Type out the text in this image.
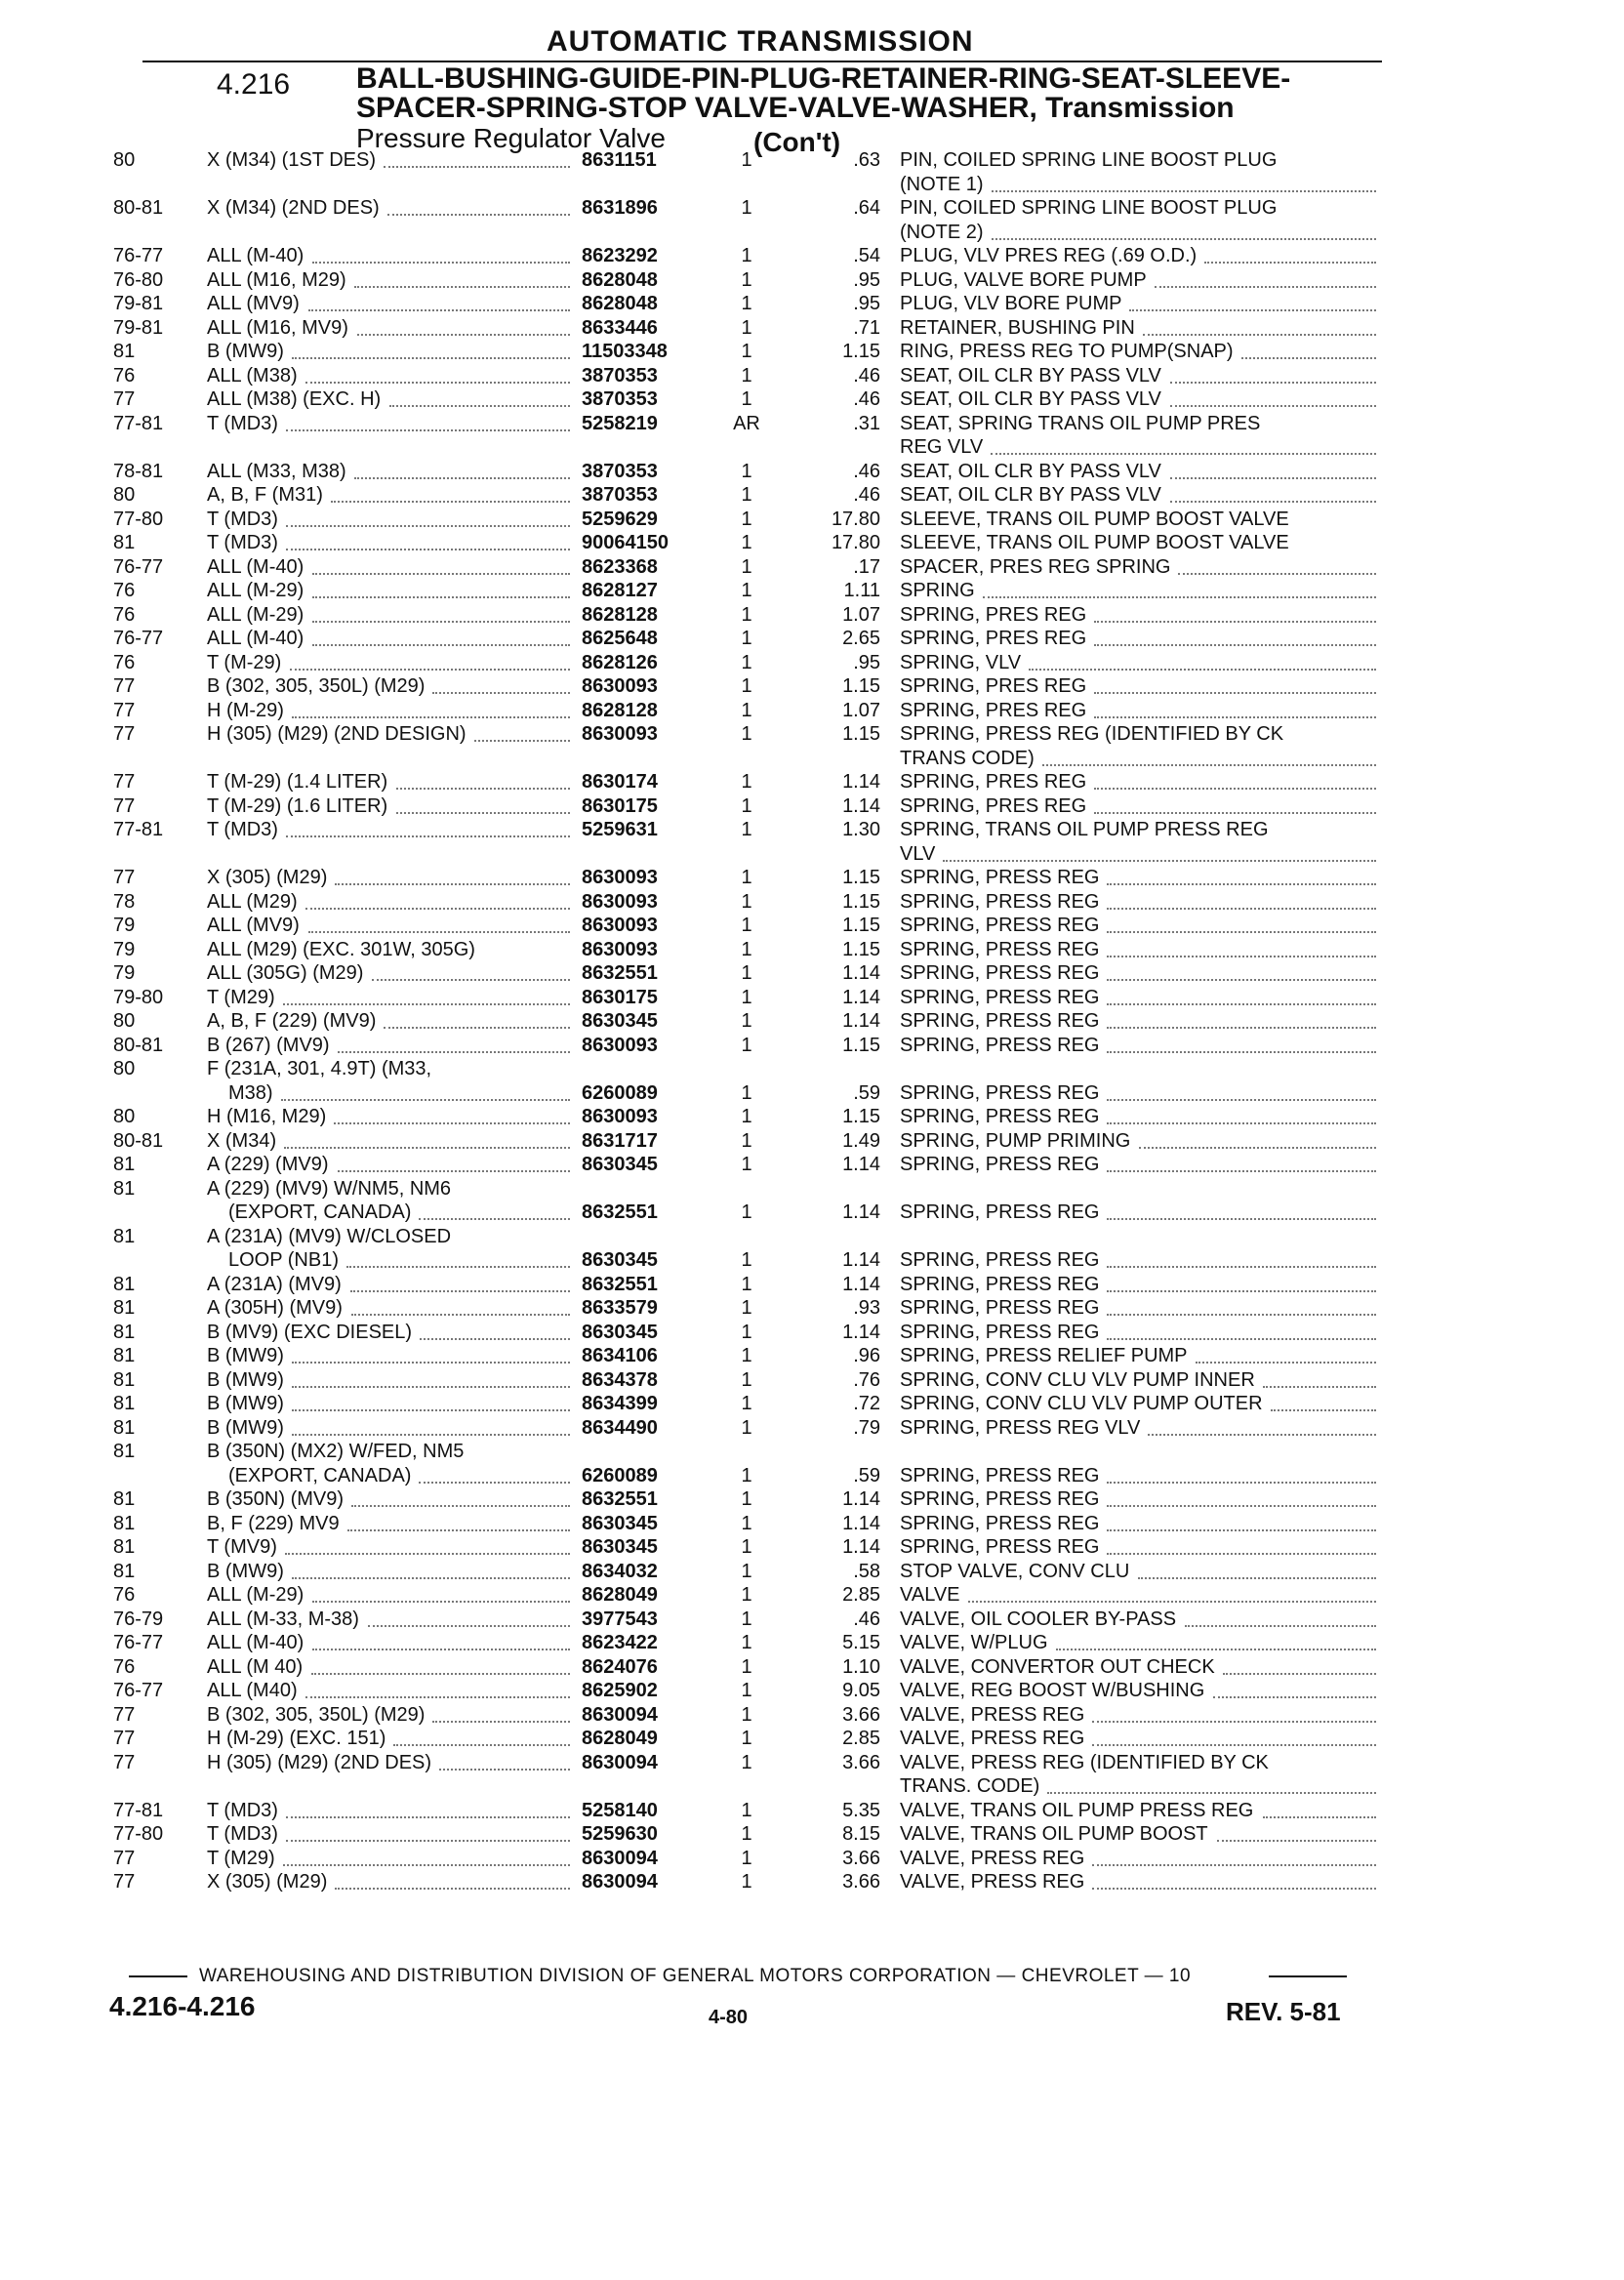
AUTOMATIC TRANSMISSION
4.216 BALL-BUSHING-GUIDE-PIN-PLUG-RETAINER-RING-SEAT-SLEEVE-
SPACER-SPRING-STOP VALVE-VALVE-WASHER, Transmission
Pressure Regulator Valve	(Con't)
80	X (M34) (1ST DES)	8631151	1	.63 PIN, COILED SPRING LINE BOOST PLUG
(NOTE 1)
80-81	X (M34) (2ND DES)	8631896	1	.64 PIN, COILED SPRING LINE BOOST PLUG
(NOTE 2)
76-77	ALL (M-40)	8623292	1	.54 PLUG, VLV PRES REG (.69 O.D.)
76-80	ALL (M16, M29)	8628048	1	.95 PLUG, VALVE BORE PUMP
79-81	ALL (MV9)	8628048	1	.95 PLUG, VLV BORE PUMP
79-81	ALL (M16, MV9)	8633446	1	.71 RETAINER, BUSHING PIN
81	B (MW9)	11503348	1	1.15 RING, PRESS REG TO PUMP(SNAP)
76	ALL (M38)	3870353	1	.46 SEAT, OIL CLR BY PASS VLV
77	ALL (M38) (EXC. H)	3870353	1	.46 SEAT, OIL CLR BY PASS VLV
77-81	T (MD3)	5258219	AR	.31 SEAT, SPRING TRANS OIL PUMP PRES
REG VLV
78-81	ALL (M33, M38)	3870353	1	.46 SEAT, OIL CLR BY PASS VLV
80	A, B, F (M31)	3870353	1	.46 SEAT, OIL CLR BY PASS VLV
77-80	T (MD3)	5259629	1	17.80 SLEEVE, TRANS OIL PUMP BOOST VALVE
81	T (MD3)	90064150	1	17.80 SLEEVE, TRANS OIL PUMP BOOST VALVE
76-77	ALL (M-40)	8623368	1	.17 SPACER, PRES REG SPRING
76	ALL (M-29)	8628127	1	1.11 SPRING
76	ALL (M-29)	8628128	1	1.07 SPRING, PRES REG
76-77	ALL (M-40)	8625648	1	2.65 SPRING, PRES REG
76	T (M-29)	8628126	1	.95 SPRING, VLV
77	B (302, 305, 350L) (M29)	8630093	1	1.15 SPRING, PRES REG
77	H (M-29)	8628128	1	1.07 SPRING, PRES REG
77	H (305) (M29) (2ND DESIGN)	8630093	1	1.15 SPRING, PRESS REG (IDENTIFIED BY CK
TRANS CODE)
77	T (M-29) (1.4 LITER)	8630174	1	1.14 SPRING, PRES REG
77	T (M-29) (1.6 LITER)	8630175	1	1.14 SPRING, PRES REG
77-81	T (MD3)	5259631	1	1.30 SPRING, TRANS OIL PUMP PRESS REG
VLV
77	X (305) (M29)	8630093	1	1.15 SPRING, PRESS REG
78	ALL (M29)	8630093	1	1.15 SPRING, PRESS REG
79	ALL (MV9)	8630093	1	1.15 SPRING, PRESS REG
79	ALL (M29) (EXC. 301W, 305G)	8630093	1	1.15 SPRING, PRESS REG
79	ALL (305G) (M29)	8632551	1	1.14 SPRING, PRESS REG
79-80	T (M29)	8630175	1	1.14 SPRING, PRESS REG
80	A, B, F (229) (MV9)	8630345	1	1.14 SPRING, PRESS REG
80-81	B (267) (MV9)	8630093	1	1.15 SPRING, PRESS REG
80	F (231A, 301, 4.9T) (M33,
M38)	6260089	1	.59 SPRING, PRESS REG
80	H (M16, M29)	8630093	1	1.15 SPRING, PRESS REG
80-81	X (M34)	8631717	1	1.49 SPRING, PUMP PRIMING
81	A (229) (MV9)	8630345	1	1.14 SPRING, PRESS REG
81	A (229) (MV9) W/NM5, NM6
(EXPORT, CANADA)	8632551	1	1.14 SPRING, PRESS REG
81	A (231A) (MV9) W/CLOSED
LOOP (NB1)	8630345	1	1.14 SPRING, PRESS REG
81	A (231A) (MV9)	8632551	1	1.14 SPRING, PRESS REG
81	A (305H) (MV9)	8633579	1	.93 SPRING, PRESS REG
81	B (MV9) (EXC DIESEL)	8630345	1	1.14 SPRING, PRESS REG
81	B (MW9)	8634106	1	.96 SPRING, PRESS RELIEF PUMP
81	B (MW9)	8634378	1	.76 SPRING, CONV CLU VLV PUMP INNER
81	B (MW9)	8634399	1	.72 SPRING, CONV CLU VLV PUMP OUTER
81	B (MW9)	8634490	1	.79 SPRING, PRESS REG VLV
81	B (350N) (MX2) W/FED, NM5
(EXPORT, CANADA)	6260089	1	.59 SPRING, PRESS REG
81	B (350N) (MV9)	8632551	1	1.14 SPRING, PRESS REG
81	B, F (229) MV9	8630345	1	1.14 SPRING, PRESS REG
81	T (MV9)	8630345	1	1.14 SPRING, PRESS REG
81	B (MW9)	8634032	1	.58 STOP VALVE, CONV CLU
76	ALL (M-29)	8628049	1	2.85 VALVE
76-79	ALL (M-33, M-38)	3977543	1	.46 VALVE, OIL COOLER BY-PASS
76-77	ALL (M-40)	8623422	1	5.15 VALVE, W/PLUG
76	ALL (M 40)	8624076	1	1.10 VALVE, CONVERTOR OUT CHECK
76-77	ALL (M40)	8625902	1	9.05 VALVE, REG BOOST W/BUSHING
77	B (302, 305, 350L) (M29)	8630094	1	3.66 VALVE, PRESS REG
77	H (M-29) (EXC. 151)	8628049	1	2.85 VALVE, PRESS REG
77	H (305) (M29) (2ND DES)	8630094	1	3.66 VALVE, PRESS REG (IDENTIFIED BY CK
TRANS. CODE)
77-81	T (MD3)	5258140	1	5.35 VALVE, TRANS OIL PUMP PRESS REG
77-80	T (MD3)	5259630	1	8.15 VALVE, TRANS OIL PUMP BOOST
77	T (M29)	8630094	1	3.66 VALVE, PRESS REG
77	X (305) (M29)	8630094	1	3.66 VALVE, PRESS REG
WAREHOUSING AND DISTRIBUTION DIVISION OF GENERAL MOTORS CORPORATION — CHEVROLET — 10
4.216-4.216	4-80	REV. 5-81
